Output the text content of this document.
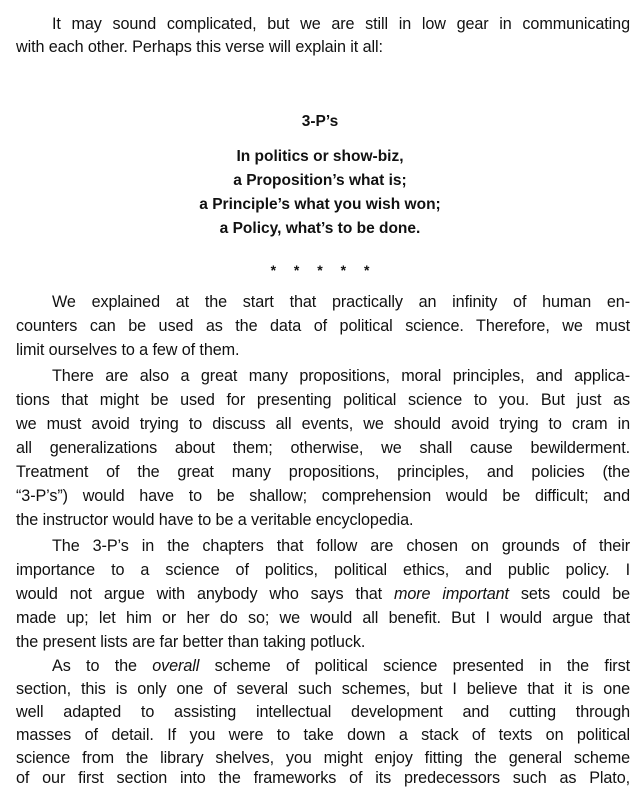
It may sound complicated, but we are still in low gear in communicating
with each other. Perhaps this verse will explain it all:
3-P’s
In politics or show-biz,
a Proposition’s what is;
a Principle’s what you wish won;
a Policy, what’s to be done.
* * * * *
We explained at the start that practically an infinity of human en-
counters can be used as the data of political science. Therefore, we must
limit ourselves to a few of them.
There are also a great many propositions, moral principles, and applica-
tions that might be used for presenting political science to you. But just as
we must avoid trying to discuss all events, we should avoid trying to cram in
all generalizations about them; otherwise, we shall cause bewilderment.
Treatment of the great many propositions, principles, and policies (the
“3-P’s”) would have to be shallow; comprehension would be difficult; and
the instructor would have to be a veritable encyclopedia.
The 3-P’s in the chapters that follow are chosen on grounds of their
importance to a science of politics, political ethics, and public policy. I
would not argue with anybody who says that more important sets could be
made up; let him or her do so; we would all benefit. But I would argue that
the present lists are far better than taking potluck.
As to the overall scheme of political science presented in the first
section, this is only one of several such schemes, but I believe that it is one
well adapted to assisting intellectual development and cutting through
masses of detail. If you were to take down a stack of texts on political
science from the library shelves, you might enjoy fitting the general scheme
of our first section into the frameworks of its predecessors such as Plato,
